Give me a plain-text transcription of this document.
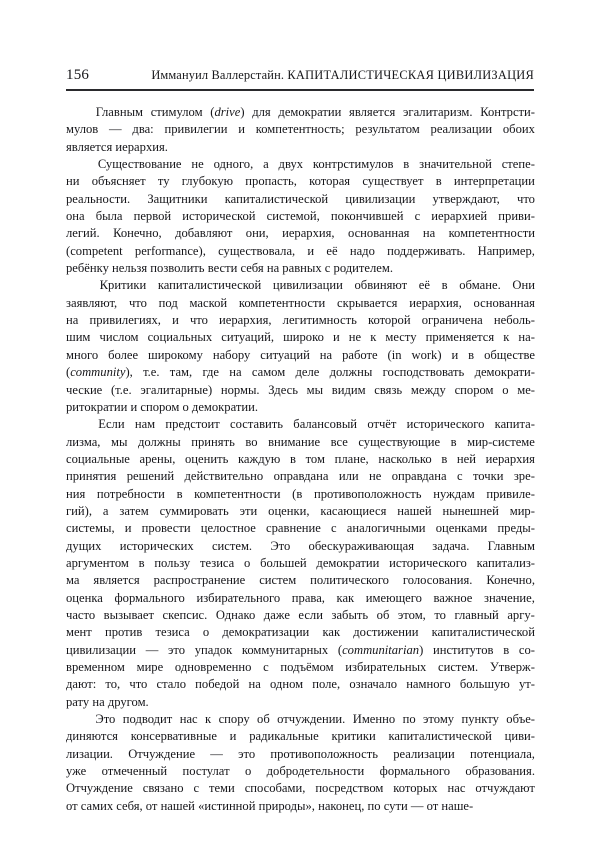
156	Иммануил Валлерстайн. КАПИТАЛИСТИЧЕСКАЯ ЦИВИЛИЗАЦИЯ

Главным стимулом (drive) для демократии является эгалитаризм. Контрсти-
мулов — два: привилегии и компетентность; результатом реализации обоих
является иерархия.

Существование не одного, а двух контрстимулов в значительной степе-
ни объясняет ту глубокую пропасть, которая существует в интерпретации
реальности. Защитники капиталистической цивилизации утверждают, что
она была первой исторической системой, покончившей с иерархией приви-
легий. Конечно, добавляют они, иерархия, основанная на компетентности
(competent performance), существовала, и её надо поддерживать. Например,
ребёнку нельзя позволить вести себя на равных с родителем.

Критики капиталистической цивилизации обвиняют её в обмане. Они
заявляют, что под маской компетентности скрывается иерархия, основанная
на привилегиях, и что иерархия, легитимность которой ограничена неболь-
шим числом социальных ситуаций, широко и не к месту применяется к на-
много более широкому набору ситуаций на работе (in work) и в обществе
(community), т.е. там, где на самом деле должны господствовать демократи-
ческие (т.е. эгалитарные) нормы. Здесь мы видим связь между спором о ме-
ритократии и спором о демократии.

Если нам предстоит составить балансовый отчёт исторического капита-
лизма, мы должны принять во внимание все существующие в мир-системе
социальные арены, оценить каждую в том плане, насколько в ней иерархия
принятия решений действительно оправдана или не оправдана с точки зре-
ния потребности в компетентности (в противоположность нуждам привиле-
гий), а затем суммировать эти оценки, касающиеся нашей нынешней мир-
системы, и провести целостное сравнение с аналогичными оценками преды-
дущих исторических систем. Это обескураживающая задача. Главным
аргументом в пользу тезиса о большей демократии исторического капитализ-
ма является распространение систем политического голосования. Конечно,
оценка формального избирательного права, как имеющего важное значение,
часто вызывает скепсис. Однако даже если забыть об этом, то главный аргу-
мент против тезиса о демократизации как достижении капиталистической
цивилизации — это упадок коммунитарных (communitarian) институтов в со-
временном мире одновременно с подъёмом избирательных систем. Утверж-
дают: то, что стало победой на одном поле, означало намного большую ут-
рату на другом.

Это подводит нас к спору об отчуждении. Именно по этому пункту объе-
диняются консервативные и радикальные критики капиталистической циви-
лизации. Отчуждение — это противоположность реализации потенциала,
уже отмеченный постулат о добродетельности формального образования.
Отчуждение связано с теми способами, посредством которых нас отчуждают
от самих себя, от нашей «истинной природы», наконец, по сути — от наше-
